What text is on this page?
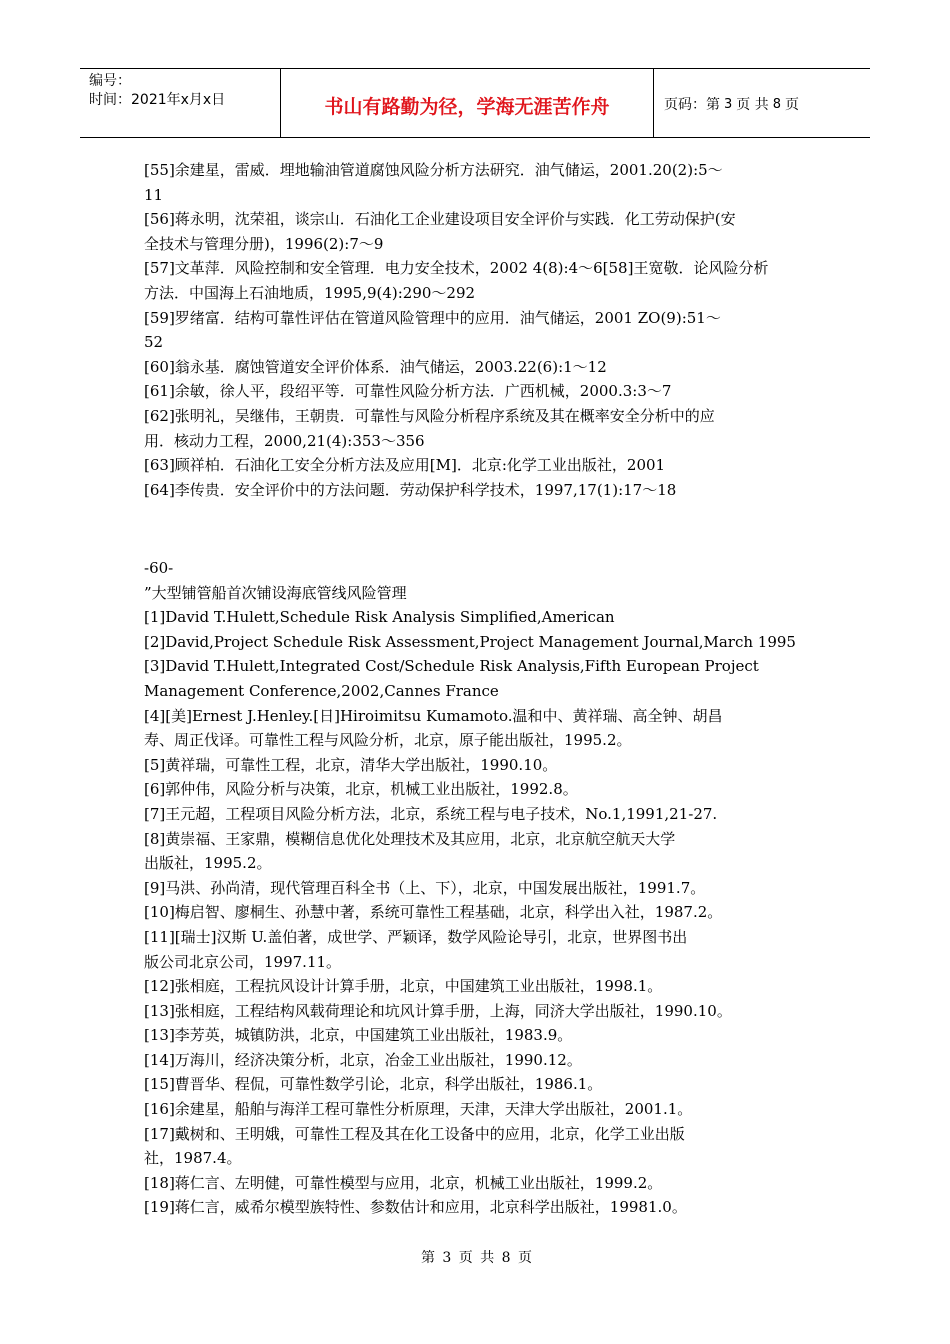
编号：
时间：2021年x月x日	书山有路勤为径，学海无涯苦作舟	页码：第 3 页 共 8 页
[55]余建星，雷威．埋地输油管道腐蚀风险分析方法研究．油气储运，2001.20(2):5～
11
[56]蒋永明，沈荣祖，谈宗山．石油化工企业建设项目安全评价与实践．化工劳动保护(安
全技术与管理分册)，1996(2):7～9
[57]文革萍．风险控制和安全管理．电力安全技术，2002 4(8):4～6[58]王宽敬．论风险分析
方法．中国海上石油地质，1995,9(4):290～292
[59]罗绪富．结构可靠性评估在管道风险管理中的应用．油气储运，2001 ZO(9):51～
52
[60]翁永基．腐蚀管道安全评价体系．油气储运，2003.22(6):1～12
[61]余敏，徐人平，段绍平等．可靠性风险分析方法．广西机械，2000.3:3～7
[62]张明礼，吴继伟，王朝贵．可靠性与风险分析程序系统及其在概率安全分析中的应
用．核动力工程，2000,21(4):353～356
[63]顾祥柏．石油化工安全分析方法及应用[M]．北京:化学工业出版社，2001
[64]李传贵．安全评价中的方法问题．劳动保护科学技术，1997,17(1):17～18
-60-
”大型铺管船首次铺设海底管线风险管理
[1]David T.Hulett,Schedule Risk Analysis Simplified,American
[2]David,Project Schedule Risk Assessment,Project Management Journal,March 1995
[3]David T.Hulett,Integrated Cost/Schedule Risk Analysis,Fifth European Project
Management Conference,2002,Cannes France
[4][美]Ernest J.Henley.[日]Hiroimitsu Kumamoto.温和中、黄祥瑞、高全钟、胡昌
寿、周正伐译。可靠性工程与风险分析，北京，原子能出版社，1995.2。
[5]黄祥瑞，可靠性工程，北京，清华大学出版社，1990.10。
[6]郭仲伟，风险分析与决策，北京，机械工业出版社，1992.8。
[7]王元超，工程项目风险分析方法，北京，系统工程与电子技术，No.1,1991,21-27.
[8]黄崇福、王家鼎，模糊信息优化处理技术及其应用，北京，北京航空航天大学
出版社，1995.2。
[9]马洪、孙尚清，现代管理百科全书（上、下），北京，中国发展出版社，1991.7。
[10]梅启智、廖桐生、孙慧中著，系统可靠性工程基础，北京，科学出入社，1987.2。
[11][瑞士]汉斯 U.盖伯著，成世学、严颖译，数学风险论导引，北京，世界图书出
版公司北京公司，1997.11。
[12]张相庭，工程抗风设计计算手册，北京，中国建筑工业出版社，1998.1。
[13]张相庭，工程结构风载荷理论和坑风计算手册，上海，同济大学出版社，1990.10。
[13]李芳英，城镇防洪，北京，中国建筑工业出版社，1983.9。
[14]万海川，经济决策分析，北京，冶金工业出版社，1990.12。
[15]曹晋华、程侃，可靠性数学引论，北京，科学出版社，1986.1。
[16]余建星，船舶与海洋工程可靠性分析原理，天津，天津大学出版社，2001.1。
[17]戴树和、王明娥，可靠性工程及其在化工设备中的应用，北京，化学工业出版
社，1987.4。
[18]蒋仁言、左明健，可靠性模型与应用，北京，机械工业出版社，1999.2。
[19]蒋仁言，威希尔模型族特性、参数估计和应用，北京科学出版社，19981.0。
第 3 页 共 8 页
